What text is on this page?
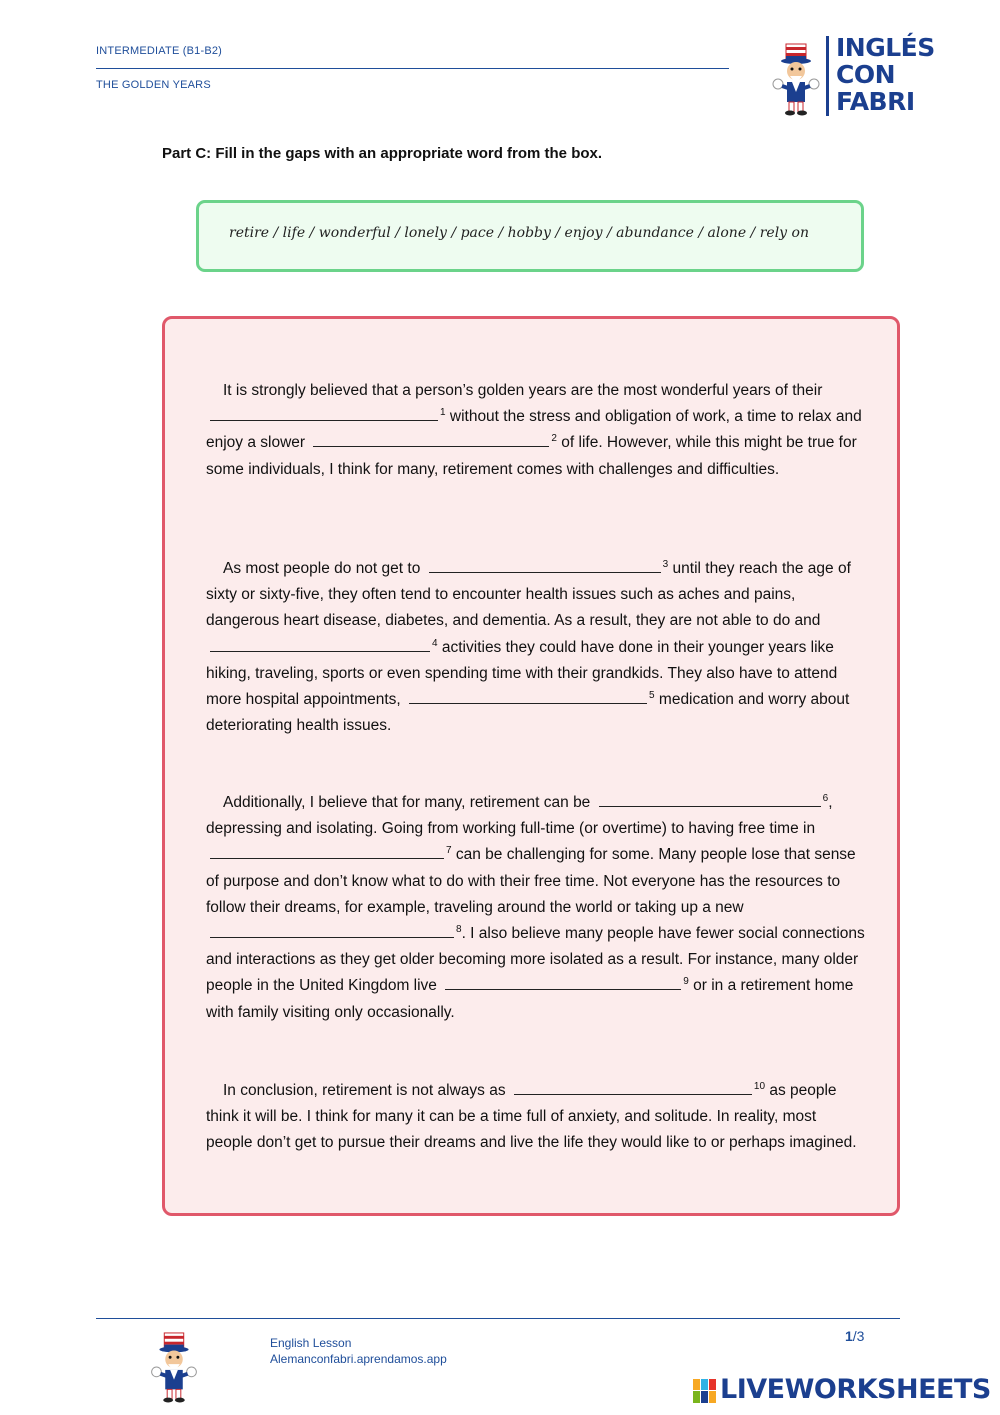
INTERMEDIATE (B1-B2)
THE GOLDEN YEARS
INGLÉS
CON
FABRI
Part C: Fill in the gaps with an appropriate word from the box.
retire / life / wonderful / lonely / pace / hobby / enjoy / abundance / alone / rely on
It is strongly believed that a person’s golden years are the most wonderful years of their $^1$ without the stress and obligation of work, a time to relax and enjoy a slower	$^2$ of life. However, while this might be true for some individuals, I think for many, retirement comes with challenges and difficulties.
As most people do not get to	$^3$ until they reach the age of sixty or sixty-five, they often tend to encounter health issues such as aches and pains, dangerous heart disease, diabetes, and dementia. As a result, they are not able to do and $^4$ activities they could have done in their younger years like hiking, traveling, sports or even spending time with their grandkids. They also have to attend more hospital appointments,	$^5$ medication and worry about deteriorating health issues.
Additionally, I believe that for many, retirement can be	$^6$, depressing and isolating. Going from working full-time (or overtime) to having free time in $^7$ can be challenging for some. Many people lose that sense of purpose and don’t know what to do with their free time. Not everyone has the resources to follow their dreams, for example, traveling around the world or taking up a new $^8$. I also believe many people have fewer social connections and interactions as they get older becoming more isolated as a result. For instance, many older people in the United Kingdom live	$^9$ or in a retirement home with family visiting only occasionally.
In conclusion, retirement is not always as	$^{10}$ as people think it will be. I think for many it can be a time full of anxiety, and solitude. In reality, most people don’t get to pursue their dreams and live the life they would like to or perhaps imagined.
English Lesson
Alemanconfabri.aprendamos.app
1/3
LIVEWORKSHEETS
